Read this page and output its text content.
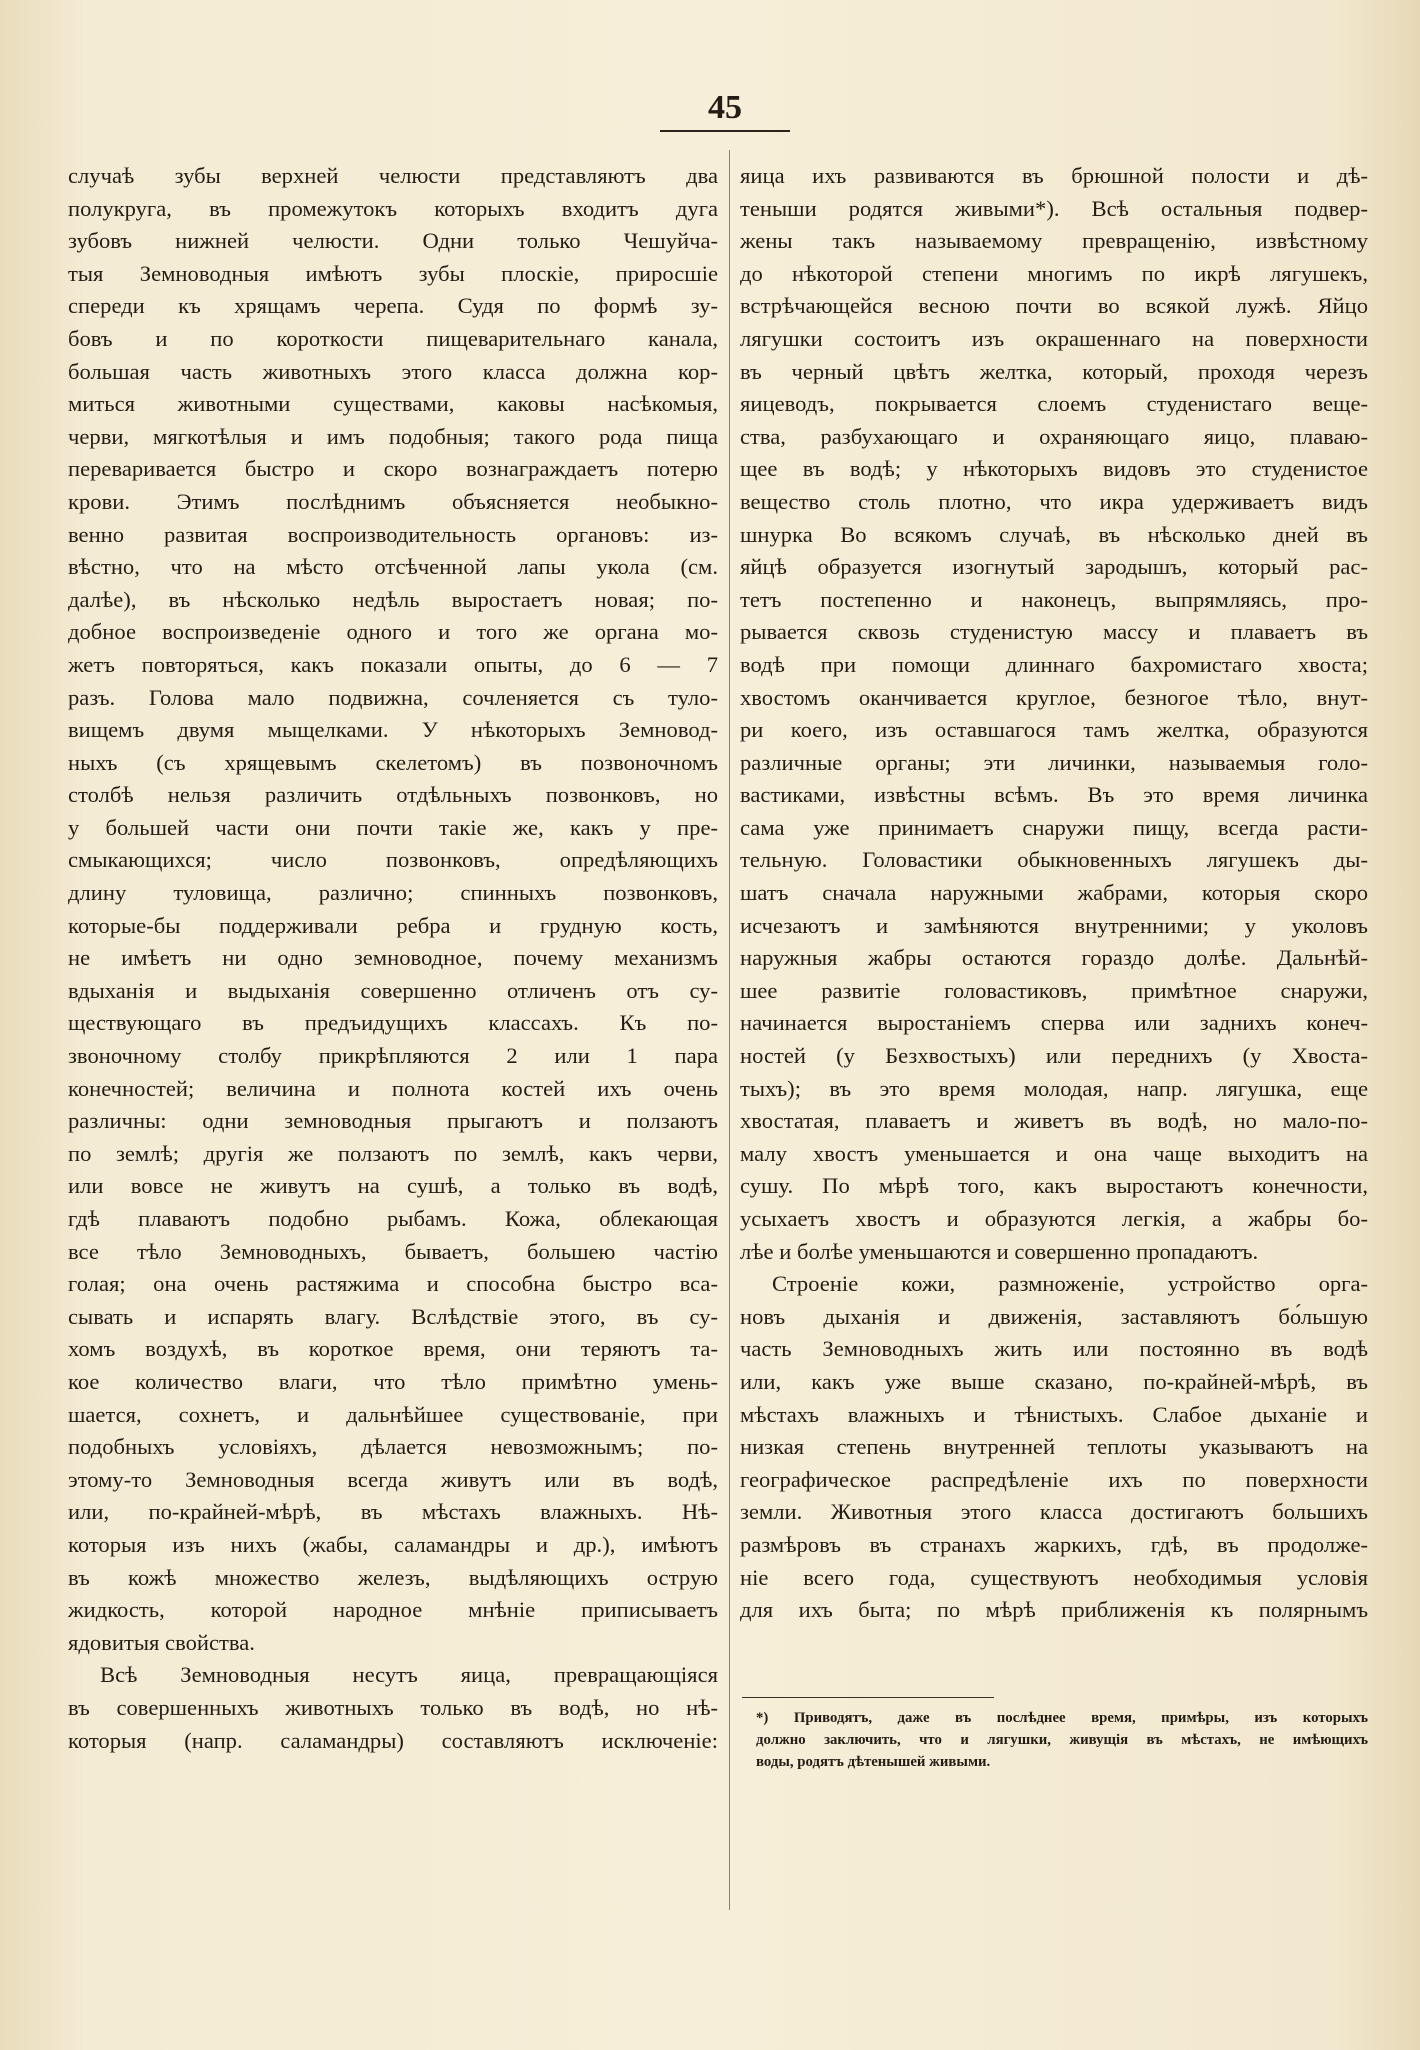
45
случаѣ зубы верхней челюсти представляютъ два
полукруга, въ промежутокъ которыхъ входитъ дуга
зубовъ нижней челюсти. Одни только Чешуйча-
тыя Земноводныя имѣютъ зубы плоскіе, приросшіе
спереди къ хрящамъ черепа. Судя по формѣ зу-
бовъ и по короткости пищеварительнаго канала,
большая часть животныхъ этого класса должна кор-
миться животными существами, каковы насѣкомыя,
черви, мягкотѣлыя и имъ подобныя; такого рода пища
переваривается быстро и скоро вознаграждаетъ потерю
крови. Этимъ послѣднимъ объясняется необыкно-
венно развитая воспроизводительность органовъ: из-
вѣстно, что на мѣсто отсѣченной лапы укола (см.
далѣе), въ нѣсколько недѣль выростаетъ новая; по-
добное воспроизведеніе одного и того же органа мо-
жетъ повторяться, какъ показали опыты, до 6 — 7
разъ. Голова мало подвижна, сочленяется съ туло-
вищемъ двумя мыщелками. У нѣкоторыхъ Земновод-
ныхъ (съ хрящевымъ скелетомъ) въ позвоночномъ
столбѣ нельзя различить отдѣльныхъ позвонковъ, но
у большей части они почти такіе же, какъ у пре-
смыкающихся; число позвонковъ, опредѣляющихъ
длину туловища, различно; спинныхъ позвонковъ,
которые-бы поддерживали ребра и грудную кость,
не имѣетъ ни одно земноводное, почему механизмъ
вдыханія и выдыханія совершенно отличенъ отъ су-
ществующаго въ предъидущихъ классахъ. Къ по-
звоночному столбу прикрѣпляются 2 или 1 пара
конечностей; величина и полнота костей ихъ очень
различны: одни земноводныя прыгаютъ и ползаютъ
по землѣ; другія же ползаютъ по землѣ, какъ черви,
или вовсе не живутъ на сушѣ, а только въ водѣ,
гдѣ плаваютъ подобно рыбамъ. Кожа, облекающая
все тѣло Земноводныхъ, бываетъ, большею частію
голая; она очень растяжима и способна быстро вса-
сывать и испарять влагу. Вслѣдствіе этого, въ су-
хомъ воздухѣ, въ короткое время, они теряютъ та-
кое количество влаги, что тѣло примѣтно умень-
шается, сохнетъ, и дальнѣйшее существованіе, при
подобныхъ условіяхъ, дѣлается невозможнымъ; по-
этому-то Земноводныя всегда живутъ или въ водѣ,
или, по-крайней-мѣрѣ, въ мѣстахъ влажныхъ. Нѣ-
которыя изъ нихъ (жабы, саламандры и др.), имѣютъ
въ кожѣ множество железъ, выдѣляющихъ острую
жидкость, которой народное мнѣніе приписываетъ
ядовитыя свойства.
Всѣ Земноводныя несутъ яица, превращающіяся
въ совершенныхъ животныхъ только въ водѣ, но нѣ-
которыя (напр. саламандры) составляютъ исключеніе:
яица ихъ развиваются въ брюшной полости и дѣ-
теныши родятся живыми*). Всѣ остальныя подвер-
жены такъ называемому превращенію, извѣстному
до нѣкоторой степени многимъ по икрѣ лягушекъ,
встрѣчающейся весною почти во всякой лужѣ. Яйцо
лягушки состоитъ изъ окрашеннаго на поверхности
въ черный цвѣтъ желтка, который, проходя черезъ
яицеводъ, покрывается слоемъ студенистаго веще-
ства, разбухающаго и охраняющаго яицо, плаваю-
щее въ водѣ; у нѣкоторыхъ видовъ это студенистое
вещество столь плотно, что икра удерживаетъ видъ
шнурка Во всякомъ случаѣ, въ нѣсколько дней въ
яйцѣ образуется изогнутый зародышъ, который рас-
тетъ постепенно и наконецъ, выпрямляясь, про-
рывается сквозь студенистую массу и плаваетъ въ
водѣ при помощи длиннаго бахромистаго хвоста;
хвостомъ оканчивается круглое, безногое тѣло, внут-
ри коего, изъ оставшагося тамъ желтка, образуются
различные органы; эти личинки, называемыя голо-
вастиками, извѣстны всѣмъ. Въ это время личинка
сама уже принимаетъ снаружи пищу, всегда расти-
тельную. Головастики обыкновенныхъ лягушекъ ды-
шатъ сначала наружными жабрами, которыя скоро
исчезаютъ и замѣняются внутренними; у уколовъ
наружныя жабры остаются гораздо долѣе. Дальнѣй-
шее развитіе головастиковъ, примѣтное снаружи,
начинается выростаніемъ сперва или заднихъ конеч-
ностей (у Безхвостыхъ) или переднихъ (у Хвоста-
тыхъ); въ это время молодая, напр. лягушка, еще
хвостатая, плаваетъ и живетъ въ водѣ, но мало-по-
малу хвостъ уменьшается и она чаще выходитъ на
сушу. По мѣрѣ того, какъ выростаютъ конечности,
усыхаетъ хвостъ и образуются легкія, а жабры бо-
лѣе и болѣе уменьшаются и совершенно пропадаютъ.
Строеніе кожи, размноженіе, устройство орга-
новъ дыханія и движенія, заставляютъ бо́льшую
часть Земноводныхъ жить или постоянно въ водѣ
или, какъ уже выше сказано, по-крайней-мѣрѣ, въ
мѣстахъ влажныхъ и тѣнистыхъ. Слабое дыханіе и
низкая степень внутренней теплоты указываютъ на
географическое распредѣленіе ихъ по поверхности
земли. Животныя этого класса достигаютъ большихъ
размѣровъ въ странахъ жаркихъ, гдѣ, въ продолже-
ніе всего года, существуютъ необходимыя условія
для ихъ быта; по мѣрѣ приближенія къ полярнымъ
*) Приводятъ, даже въ послѣднее время, примѣры, изъ которыхъ
должно заключить, что и лягушки, живущія въ мѣстахъ, не имѣющихъ
воды, родятъ дѣтенышей живыми.
